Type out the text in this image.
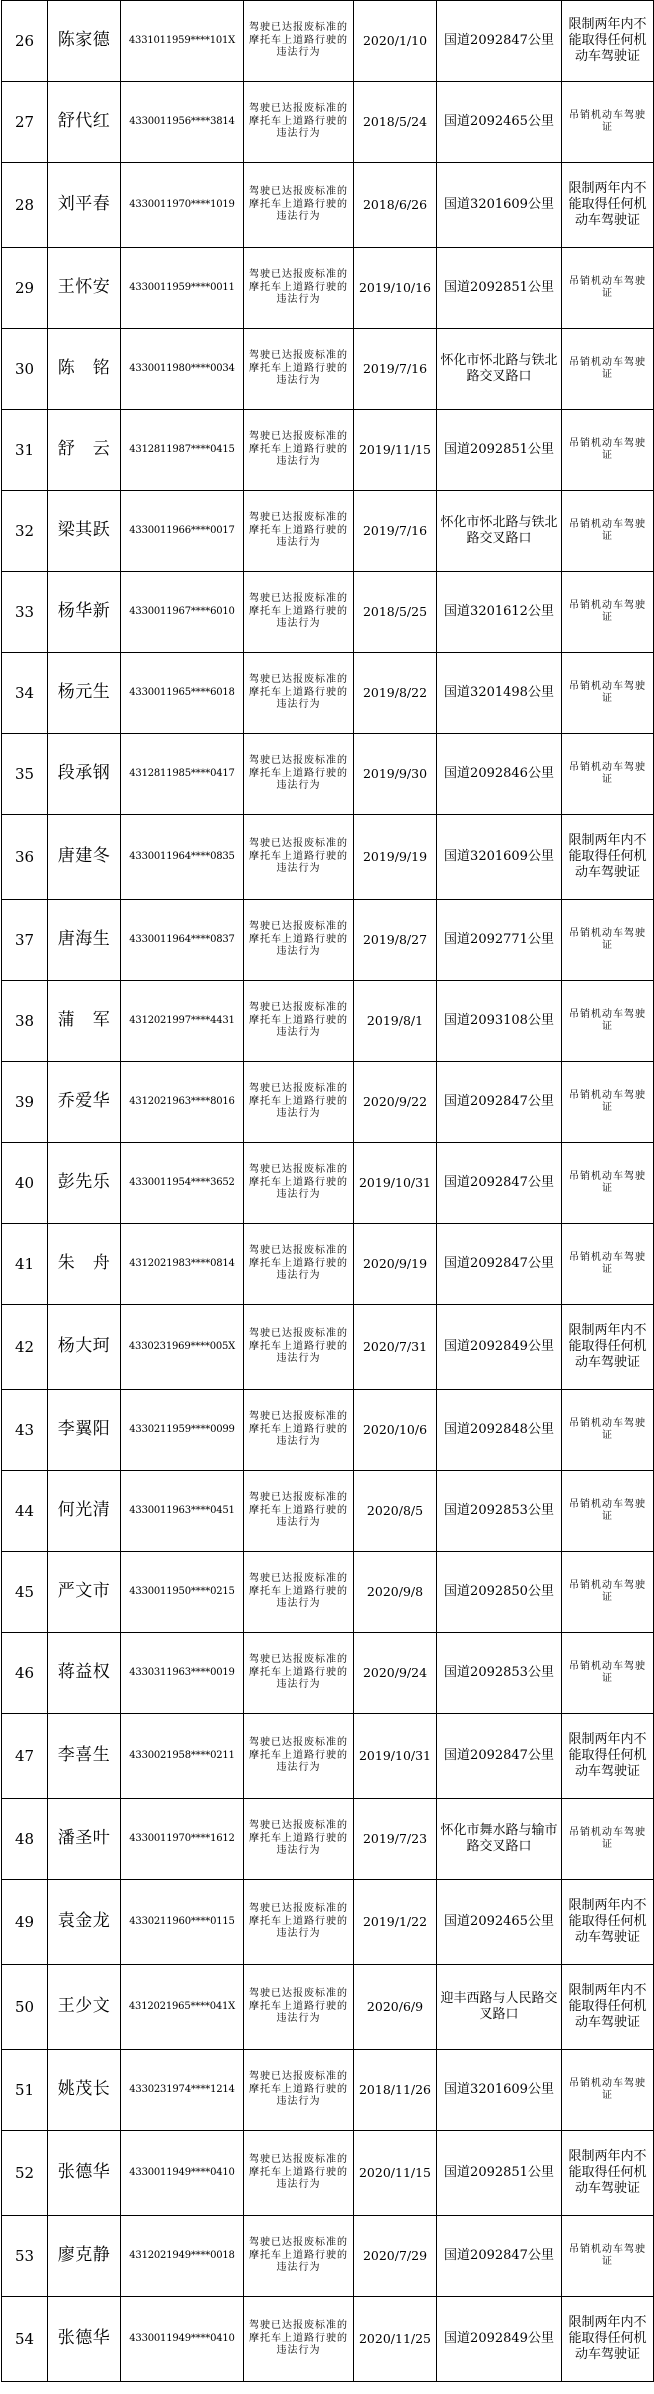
26	陈家德	4331011959****101X	驾驶已达报废标准的摩托车上道路行驶的违法行为	2020/1/10	国道2092847公里	限制两年内不能取得任何机动车驾驶证
27	舒代红	4330011956****3814	驾驶已达报废标准的摩托车上道路行驶的违法行为	2018/5/24	国道2092465公里	吊销机动车驾驶证
28	刘平春	4330011970****1019	驾驶已达报废标准的摩托车上道路行驶的违法行为	2018/6/26	国道3201609公里	限制两年内不能取得任何机动车驾驶证
29	王怀安	4330011959****0011	驾驶已达报废标准的摩托车上道路行驶的违法行为	2019/10/16	国道2092851公里	吊销机动车驾驶证
30	陈　铭	4330011980****0034	驾驶已达报废标准的摩托车上道路行驶的违法行为	2019/7/16	怀化市怀北路与铁北路交叉路口	吊销机动车驾驶证
31	舒　云	4312811987****0415	驾驶已达报废标准的摩托车上道路行驶的违法行为	2019/11/15	国道2092851公里	吊销机动车驾驶证
32	梁其跃	4330011966****0017	驾驶已达报废标准的摩托车上道路行驶的违法行为	2019/7/16	怀化市怀北路与铁北路交叉路口	吊销机动车驾驶证
33	杨华新	4330011967****6010	驾驶已达报废标准的摩托车上道路行驶的违法行为	2018/5/25	国道3201612公里	吊销机动车驾驶证
34	杨元生	4330011965****6018	驾驶已达报废标准的摩托车上道路行驶的违法行为	2019/8/22	国道3201498公里	吊销机动车驾驶证
35	段承钢	4312811985****0417	驾驶已达报废标准的摩托车上道路行驶的违法行为	2019/9/30	国道2092846公里	吊销机动车驾驶证
36	唐建冬	4330011964****0835	驾驶已达报废标准的摩托车上道路行驶的违法行为	2019/9/19	国道3201609公里	限制两年内不能取得任何机动车驾驶证
37	唐海生	4330011964****0837	驾驶已达报废标准的摩托车上道路行驶的违法行为	2019/8/27	国道2092771公里	吊销机动车驾驶证
38	蒲　军	4312021997****4431	驾驶已达报废标准的摩托车上道路行驶的违法行为	2019/8/1	国道2093108公里	吊销机动车驾驶证
39	乔爱华	4312021963****8016	驾驶已达报废标准的摩托车上道路行驶的违法行为	2020/9/22	国道2092847公里	吊销机动车驾驶证
40	彭先乐	4330011954****3652	驾驶已达报废标准的摩托车上道路行驶的违法行为	2019/10/31	国道2092847公里	吊销机动车驾驶证
41	朱　舟	4312021983****0814	驾驶已达报废标准的摩托车上道路行驶的违法行为	2020/9/19	国道2092847公里	吊销机动车驾驶证
42	杨大珂	4330231969****005X	驾驶已达报废标准的摩托车上道路行驶的违法行为	2020/7/31	国道2092849公里	限制两年内不能取得任何机动车驾驶证
43	李翼阳	4330211959****0099	驾驶已达报废标准的摩托车上道路行驶的违法行为	2020/10/6	国道2092848公里	吊销机动车驾驶证
44	何光清	4330011963****0451	驾驶已达报废标准的摩托车上道路行驶的违法行为	2020/8/5	国道2092853公里	吊销机动车驾驶证
45	严文市	4330011950****0215	驾驶已达报废标准的摩托车上道路行驶的违法行为	2020/9/8	国道2092850公里	吊销机动车驾驶证
46	蒋益权	4330311963****0019	驾驶已达报废标准的摩托车上道路行驶的违法行为	2020/9/24	国道2092853公里	吊销机动车驾驶证
47	李喜生	4330021958****0211	驾驶已达报废标准的摩托车上道路行驶的违法行为	2019/10/31	国道2092847公里	限制两年内不能取得任何机动车驾驶证
48	潘圣叶	4330011970****1612	驾驶已达报废标准的摩托车上道路行驶的违法行为	2019/7/23	怀化市舞水路与输市路交叉路口	吊销机动车驾驶证
49	袁金龙	4330211960****0115	驾驶已达报废标准的摩托车上道路行驶的违法行为	2019/1/22	国道2092465公里	限制两年内不能取得任何机动车驾驶证
50	王少文	4312021965****041X	驾驶已达报废标准的摩托车上道路行驶的违法行为	2020/6/9	迎丰西路与人民路交叉路口	限制两年内不能取得任何机动车驾驶证
51	姚茂长	4330231974****1214	驾驶已达报废标准的摩托车上道路行驶的违法行为	2018/11/26	国道3201609公里	吊销机动车驾驶证
52	张德华	4330011949****0410	驾驶已达报废标准的摩托车上道路行驶的违法行为	2020/11/15	国道2092851公里	限制两年内不能取得任何机动车驾驶证
53	廖克静	4312021949****0018	驾驶已达报废标准的摩托车上道路行驶的违法行为	2020/7/29	国道2092847公里	吊销机动车驾驶证
54	张德华	4330011949****0410	驾驶已达报废标准的摩托车上道路行驶的违法行为	2020/11/25	国道2092849公里	限制两年内不能取得任何机动车驾驶证
